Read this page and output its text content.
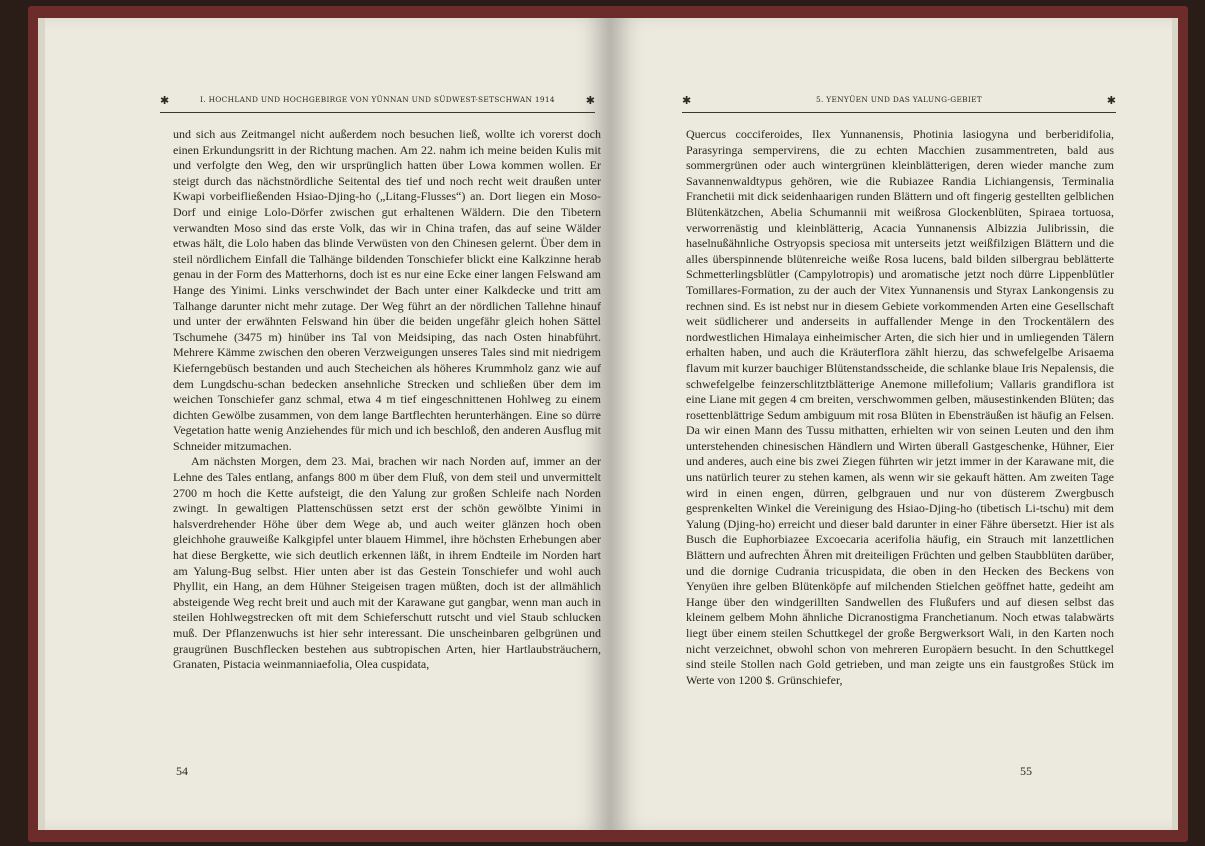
✱	I. HOCHLAND UND HOCHGEBIRGE VON YÜNNAN UND SÜDWEST-SETSCHWAN 1914	✱

und sich aus Zeitmangel nicht außerdem noch besuchen ließ, wollte ich vorerst doch einen Erkundungsritt in der Richtung machen. Am 22. nahm ich meine beiden Kulis mit und verfolgte den Weg, den wir ursprünglich hatten über Lowa kommen wollen. Er steigt durch das nächstnördliche Seitental des tief und noch recht weit draußen unter Kwapi vorbeifließenden Hsiao-Djing-ho („Litang-Flusses“) an. Dort liegen ein Moso-Dorf und einige Lolo-Dörfer zwischen gut erhaltenen Wäldern. Die den Tibetern verwandten Moso sind das erste Volk, das wir in China trafen, das auf seine Wälder etwas hält, die Lolo haben das blinde Verwüsten von den Chinesen gelernt. Über dem in steil nördlichem Einfall die Talhänge bildenden Tonschiefer blickt eine Kalkzinne herab genau in der Form des Matterhorns, doch ist es nur eine Ecke einer langen Felswand am Hange des Yinimi. Links verschwindet der Bach unter einer Kalkdecke und tritt am Talhange darunter nicht mehr zutage. Der Weg führt an der nördlichen Tallehne hinauf und unter der erwähnten Felswand hin über die beiden ungefähr gleich hohen Sättel Tschumehe (3475 m) hinüber ins Tal von Meidsiping, das nach Osten hinabführt. Mehrere Kämme zwischen den oberen Verzweigungen unseres Tales sind mit niedrigem Kieferngebüsch bestanden und auch Stecheichen als höheres Krummholz ganz wie auf dem Lungdschu-schan bedecken ansehnliche Strecken und schließen über dem im weichen Tonschiefer ganz schmal, etwa 4 m tief eingeschnittenen Hohlweg zu einem dichten Gewölbe zusammen, von dem lange Bartflechten herunterhängen. Eine so dürre Vegetation hatte wenig Anziehendes für mich und ich beschloß, den anderen Ausflug mit Schneider mitzumachen.

Am nächsten Morgen, dem 23. Mai, brachen wir nach Norden auf, immer an der Lehne des Tales entlang, anfangs 800 m über dem Fluß, von dem steil und unvermittelt 2700 m hoch die Kette aufsteigt, die den Yalung zur großen Schleife nach Norden zwingt. In gewaltigen Plattenschüssen setzt erst der schön gewölbte Yinimi in halsverdrehender Höhe über dem Wege ab, und auch weiter glänzen hoch oben gleichhohe grauweiße Kalkgipfel unter blauem Himmel, ihre höchsten Erhebungen aber hat diese Bergkette, wie sich deutlich erkennen läßt, in ihrem Endteile im Norden hart am Yalung-Bug selbst. Hier unten aber ist das Gestein Tonschiefer und wohl auch Phyllit, ein Hang, an dem Hühner Steigeisen tragen müßten, doch ist der allmählich absteigende Weg recht breit und auch mit der Karawane gut gangbar, wenn man auch in steilen Hohlwegstrecken oft mit dem Schieferschutt rutscht und viel Staub schlucken muß. Der Pflanzenwuchs ist hier sehr interessant. Die unscheinbaren gelbgrünen und graugrünen Buschflecken bestehen aus subtropischen Arten, hier Hartlaubsträuchern, Granaten, Pistacia weinmanniaefolia, Olea cuspidata,

54
✱	5. YENYÜEN UND DAS YALUNG-GEBIET	✱

Quercus cocciferoides, Ilex Yunnanensis, Photinia lasiogyna und berberidifolia, Parasyringa sempervirens, die zu echten Macchien zusammentreten, bald aus sommergrünen oder auch wintergrünen kleinblätterigen, deren wieder manche zum Savannenwaldtypus gehören, wie die Rubiazee Randia Lichiangensis, Terminalia Franchetii mit dick seidenhaarigen runden Blättern und oft fingerig gestellten gelblichen Blütenkätzchen, Abelia Schumannii mit weißrosa Glockenblüten, Spiraea tortuosa, verworrenästig und kleinblätterig, Acacia Yunnanensis Albizzia Julibrissin, die haselnußähnliche Ostryopsis speciosa mit unterseits jetzt weißfilzigen Blättern und die alles überspinnende blütenreiche weiße Rosa lucens, bald bilden silbergrau beblätterte Schmetterlingsblütler (Campylotropis) und aromatische jetzt noch dürre Lippenblütler Tomillares-Formation, zu der auch der Vitex Yunnanensis und Styrax Lankongensis zu rechnen sind. Es ist nebst nur in diesem Gebiete vorkommenden Arten eine Gesellschaft weit südlicherer und anderseits in auffallender Menge in den Trockentälern des nordwestlichen Himalaya einheimischer Arten, die sich hier und in umliegenden Tälern erhalten haben, und auch die Kräuterflora zählt hierzu, das schwefelgelbe Arisaema flavum mit kurzer bauchiger Blütenstandsscheide, die schlanke blaue Iris Nepalensis, die schwefelgelbe feinzerschlitztblätterige Anemone millefolium; Vallaris grandiflora ist eine Liane mit gegen 4 cm breiten, verschwommen gelben, mäusestinkenden Blüten; das rosettenblättrige Sedum ambiguum mit rosa Blüten in Ebensträußen ist häufig an Felsen. Da wir einen Mann des Tussu mithatten, erhielten wir von seinen Leuten und den ihm unterstehenden chinesischen Händlern und Wirten überall Gastgeschenke, Hühner, Eier und anderes, auch eine bis zwei Ziegen führten wir jetzt immer in der Karawane mit, die uns natürlich teurer zu stehen kamen, als wenn wir sie gekauft hätten. Am zweiten Tage wird in einen engen, dürren, gelbgrauen und nur von düsterem Zwergbusch gesprenkelten Winkel die Vereinigung des Hsiao-Djing-ho (tibetisch Li-tschu) mit dem Yalung (Djing-ho) erreicht und dieser bald darunter in einer Fähre übersetzt. Hier ist als Busch die Euphorbiazee Excoecaria acerifolia häufig, ein Strauch mit lanzettlichen Blättern und aufrechten Ähren mit dreiteiligen Früchten und gelben Staubblüten darüber, und die dornige Cudrania tricuspidata, die oben in den Hecken des Beckens von Yenyüen ihre gelben Blütenköpfe auf milchenden Stielchen geöffnet hatte, gedeiht am Hange über den windgerillten Sandwellen des Flußufers und auf diesen selbst das kleinem gelbem Mohn ähnliche Dicranostigma Franchetianum. Noch etwas talabwärts liegt über einem steilen Schuttkegel der große Bergwerksort Wali, in den Karten noch nicht verzeichnet, obwohl schon von mehreren Europäern besucht. In den Schuttkegel sind steile Stollen nach Gold getrieben, und man zeigte uns ein faustgroßes Stück im Werte von 1200 $. Grünschiefer,

55
